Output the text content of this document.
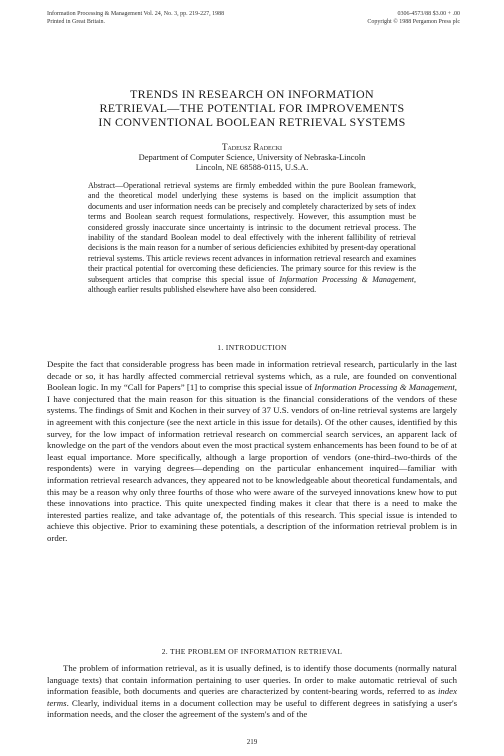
Information Processing & Management Vol. 24, No. 3, pp. 219-227, 1988
Printed in Great Britain.
0306-4573/88 $3.00 + .00
Copyright © 1988 Pergamon Press plc
TRENDS IN RESEARCH ON INFORMATION
RETRIEVAL—THE POTENTIAL FOR IMPROVEMENTS
IN CONVENTIONAL BOOLEAN RETRIEVAL SYSTEMS
Tadeusz Radecki
Department of Computer Science, University of Nebraska-Lincoln
Lincoln, NE 68588-0115, U.S.A.
Abstract—Operational retrieval systems are firmly embedded within the pure Boolean framework, and the theoretical model underlying these systems is based on the implicit assumption that documents and user information needs can be precisely and completely characterized by sets of index terms and Boolean search request formulations, respectively. However, this assumption must be considered grossly inaccurate since uncertainty is intrinsic to the document retrieval process. The inability of the standard Boolean model to deal effectively with the inherent fallibility of retrieval decisions is the main reason for a number of serious deficiencies exhibited by present-day operational retrieval systems. This article reviews recent advances in information retrieval research and examines their practical potential for overcoming these deficiencies. The primary source for this review is the subsequent articles that comprise this special issue of Information Processing & Management, although earlier results published elsewhere have also been considered.
1. INTRODUCTION

Despite the fact that considerable progress has been made in information retrieval research, particularly in the last decade or so, it has hardly affected commercial retrieval systems which, as a rule, are founded on conventional Boolean logic. In my “Call for Papers” [1] to comprise this special issue of Information Processing & Management, I have conjectured that the main reason for this situation is the financial considerations of the vendors of these systems. The findings of Smit and Kochen in their survey of 37 U.S. vendors of on-line retrieval systems are largely in agreement with this conjecture (see the next article in this issue for details). Of the other causes, identified by this survey, for the low impact of information retrieval research on commercial search services, an apparent lack of knowledge on the part of the vendors about even the most practical system enhancements has been found to be of at least equal importance. More specifically, although a large proportion of vendors (one-third–two-thirds of the respondents) were in varying degrees—depending on the particular enhancement inquired—familiar with information retrieval research advances, they appeared not to be knowledgeable about theoretical fundamentals, and this may be a reason why only three fourths of those who were aware of the surveyed innovations knew how to put these innovations into practice. This quite unexpected finding makes it clear that there is a need to make the interested parties realize, and take advantage of, the potentials of this research. This special issue is intended to achieve this objective. Prior to examining these potentials, a description of the information retrieval problem is in order.

2. THE PROBLEM OF INFORMATION RETRIEVAL

The problem of information retrieval, as it is usually defined, is to identify those documents (normally natural language texts) that contain information pertaining to user queries. In order to make automatic retrieval of such information feasible, both documents and queries are characterized by content-bearing words, referred to as index terms. Clearly, individual items in a document collection may be useful to different degrees in satisfying a user's information needs, and the closer the agreement of the system's and of the

219
